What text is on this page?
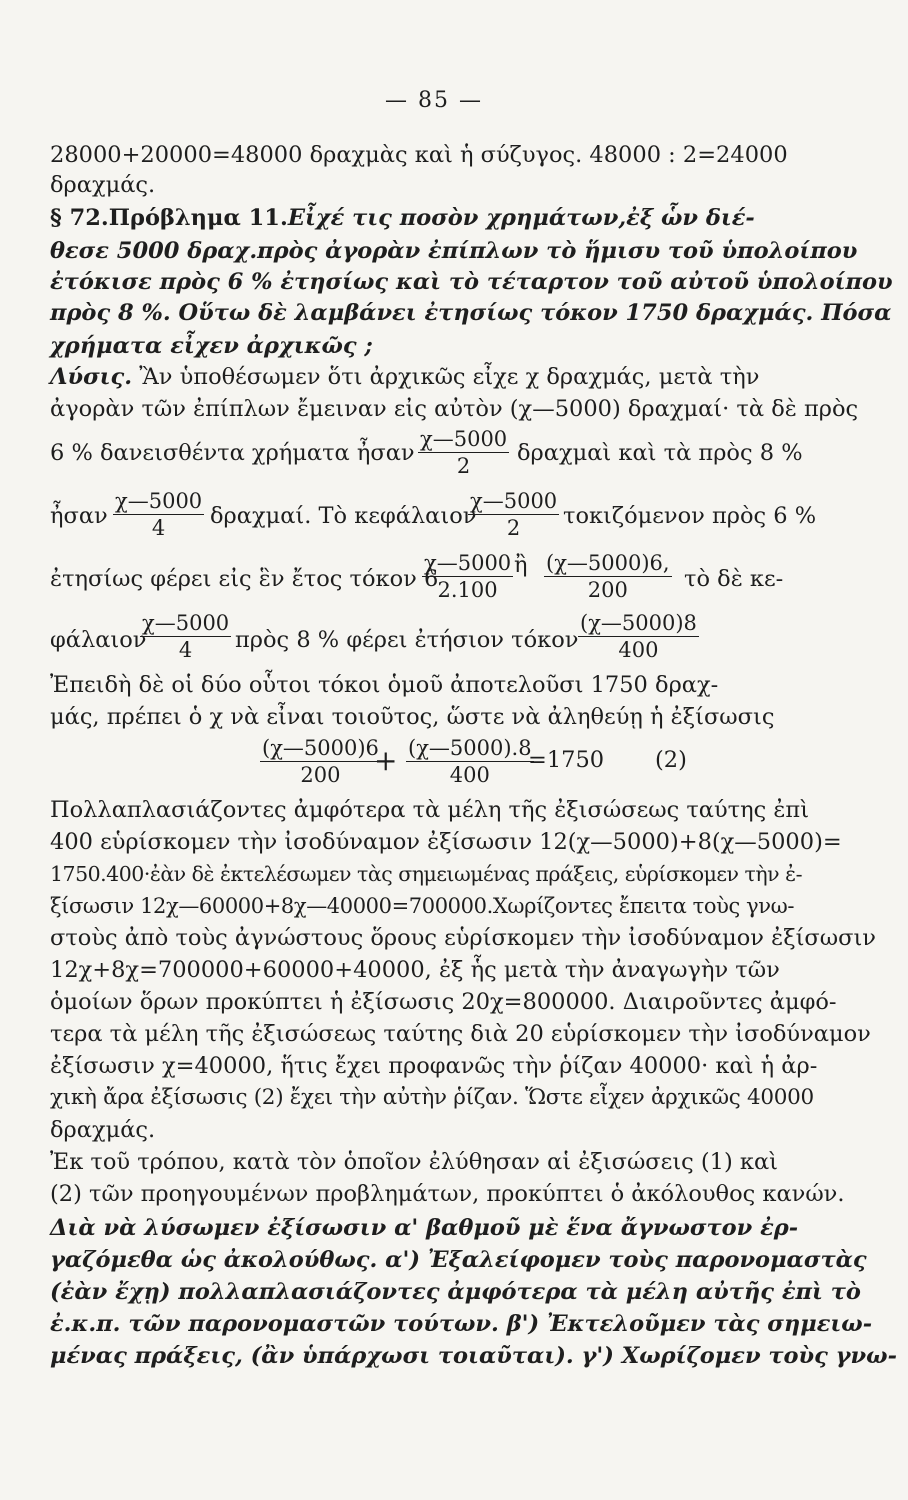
— 85 —
28000+20000=48000 δραχμὰς καὶ ἡ σύζυγος. 48000 : 2=24000
δραχμάς.
§ 72.Πρόβλημα 11.Εἶχέ τις ποσὸν χρημάτων,ἐξ ὧν διέ-
θεσε 5000 δραχ.πρὸς ἀγορὰν ἐπίπλων τὸ ἥμισυ τοῦ ὑπολοίπου
ἐτόκισε πρὸς 6 % ἐτησίως καὶ τὸ τέταρτον τοῦ αὐτοῦ ὑπολοίπου
πρὸς 8 %. Οὕτω δὲ λαμβάνει ἐτησίως τόκον 1750 δραχμάς. Πόσα
χρήματα εἶχεν ἀρχικῶς ;
Λύσις. Ἂν ὑποθέσωμεν ὅτι ἀρχικῶς εἶχε χ δραχμάς, μετὰ τὴν
ἀγορὰν τῶν ἐπίπλων ἔμειναν εἰς αὐτὸν (χ—5000) δραχμαί· τὰ δὲ πρὸς
6 % δανεισθέντα χρήματα ἦσαν $\frac{\chi—5000}{2}$ δραχμαὶ καὶ τὰ πρὸς 8 %
ἦσαν $\frac{\chi—5000}{4} \delta\rho\alpha\chi\mu\alpha ί$. Τὸ κεφάλαιον
$\frac{\chi—5000}{2}$ τοκιζόμενον πρὸς 6 %
ἐτησίως φέρει εἰς ἓν ἔτος τόκον 6
$\frac{\chi—5000}{2.100}$ ἢ $\frac{(\chi—5000)6,}{200}$ τὸ δὲ κε-
φάλαιον
$\frac{\chi—5000}{4}$ πρὸς 8 % φέρει ἐτήσιον τόκον $\frac{(\chi—5000)8}{400}$
Ἐπειδὴ δὲ οἱ δύο οὗτοι τόκοι ὁμοῦ ἀποτελοῦσι 1750 δραχ-
μάς, πρέπει ὁ χ νὰ εἶναι τοιοῦτος, ὥστε νὰ ἀληθεύῃ ἡ ἐξίσωσις
$\frac{(\chi—5000)6}{200}$
+ $\frac{(\chi—5000).8}{400}$
=1750 (2)
Πολλαπλασιάζοντες ἀμφότερα τὰ μέλη τῆς ἐξισώσεως ταύτης ἐπὶ
400 εὑρίσκομεν τὴν ἰσοδύναμον ἐξίσωσιν 12(χ—5000)+8(χ—5000)=
1750.400·ἐὰν δὲ ἐκτελέσωμεν τὰς σημειωμένας πράξεις, εὑρίσκομεν τὴν ἐ-
ξίσωσιν 12χ—60000+8χ—40000=700000.Χωρίζοντες ἔπειτα τοὺς γνω-
στοὺς ἀπὸ τοὺς ἀγνώστους ὅρους εὑρίσκομεν τὴν ἰσοδύναμον ἐξίσωσιν
12χ+8χ=700000+60000+40000, ἐξ ἧς μετὰ τὴν ἀναγωγὴν τῶν
ὁμοίων ὅρων προκύπτει ἡ ἐξίσωσις 20χ=800000. Διαιροῦντες ἀμφό-
τερα τὰ μέλη τῆς ἐξισώσεως ταύτης διὰ 20 εὑρίσκομεν τὴν ἰσοδύναμον
ἐξίσωσιν χ=40000, ἥτις ἔχει προφανῶς τὴν ῥίζαν 40000· καὶ ἡ ἀρ-
χικὴ ἄρα ἐξίσωσις (2) ἔχει τὴν αὐτὴν ῥίζαν. Ὥστε εἶχεν ἀρχικῶς 40000
δραχμάς.
Ἐκ τοῦ τρόπου, κατὰ τὸν ὁποῖον ἐλύθησαν αἱ ἐξισώσεις (1) καὶ
(2) τῶν προηγουμένων προβλημάτων, προκύπτει ὁ ἀκόλουθος κανών.
Διὰ νὰ λύσωμεν ἐξίσωσιν α' βαθμοῦ μὲ ἕνα ἄγνωστον ἐρ-
γαζόμεθα ὡς ἀκολούθως. α') Ἐξαλείφομεν τοὺς παρονομαστὰς
(ἐὰν ἔχῃ) πολλαπλασιάζοντες ἀμφότερα τὰ μέλη αὐτῆς ἐπὶ τὸ
ἐ.κ.π. τῶν παρονομαστῶν τούτων. β') Ἐκτελοῦμεν τὰς σημειω-
μένας πράξεις, (ἂν ὑπάρχωσι τοιαῦται). γ') Χωρίζομεν τοὺς γνω-
